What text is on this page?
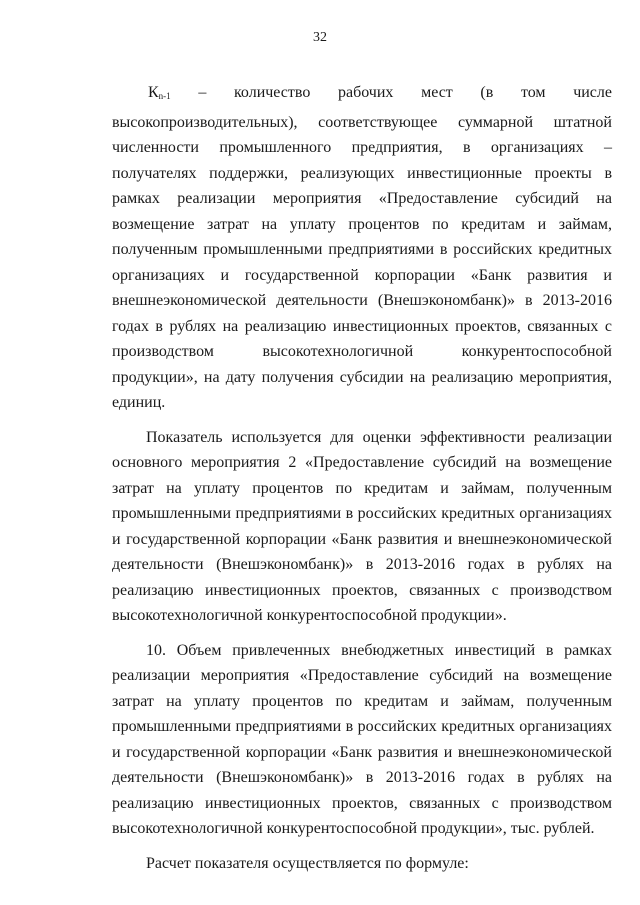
32

$К_{n-1}$ – количество рабочих мест (в том числе высокопроизводительных), соответствующее суммарной штатной численности промышленного предприятия, в организациях – получателях поддержки, реализующих инвестиционные проекты в рамках реализации мероприятия «Предоставление субсидий на возмещение затрат на уплату процентов по кредитам и займам, полученным промышленными предприятиями в российских кредитных организациях и государственной корпорации «Банк развития и внешнеэкономической деятельности (Внешэкономбанк)» в 2013-2016 годах в рублях на реализацию инвестиционных проектов, связанных с производством высокотехнологичной конкурентоспособной продукции», на дату получения субсидии на реализацию мероприятия, единиц.

Показатель используется для оценки эффективности реализации основного мероприятия 2 «Предоставление субсидий на возмещение затрат на уплату процентов по кредитам и займам, полученным промышленными предприятиями в российских кредитных организациях и государственной корпорации «Банк развития и внешнеэкономической деятельности (Внешэкономбанк)» в 2013-2016 годах в рублях на реализацию инвестиционных проектов, связанных с производством высокотехнологичной конкурентоспособной продукции».

10. Объем привлеченных внебюджетных инвестиций в рамках реализации мероприятия «Предоставление субсидий на возмещение затрат на уплату процентов по кредитам и займам, полученным промышленными предприятиями в российских кредитных организациях и государственной корпорации «Банк развития и внешнеэкономической деятельности (Внешэкономбанк)» в 2013-2016 годах в рублях на реализацию инвестиционных проектов, связанных с производством высокотехнологичной конкурентоспособной продукции», тыс. рублей.

Расчет показателя осуществляется по формуле:
